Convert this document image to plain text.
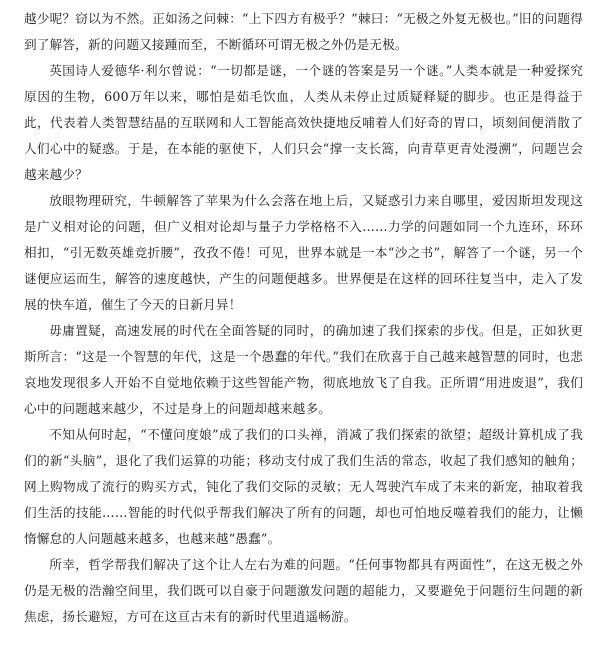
越少呢？窃以为不然。正如汤之问棘：“上下四方有极乎？”棘曰：“无极之外复无极也。”旧的问题得到了解答，新的问题又接踵而至，不断循环可谓无极之外仍是无极。

英国诗人爱德华·利尔曾说：“一切都是谜，一个谜的答案是另一个谜。”人类本就是一种爱探究原因的生物，600万年以来，哪怕是茹毛饮血，人类从未停止过质疑释疑的脚步。也正是得益于此，代表着人类智慧结晶的互联网和人工智能高效快捷地反哺着人们好奇的胃口，顷刻间便消散了人们心中的疑惑。于是，在本能的驱使下，人们只会“撑一支长篙，向青草更青处漫溯”，问题岂会越来越少？

放眼物理研究，牛顿解答了苹果为什么会落在地上后，又疑惑引力来自哪里，爱因斯坦发现这是广义相对论的问题，但广义相对论却与量子力学格格不入……力学的问题如同一个九连环，环环相扣，“引无数英雄竞折腰”，孜孜不倦！可见，世界本就是一本“沙之书”，解答了一个谜，另一个谜便应运而生，解答的速度越快，产生的问题便越多。世界便是在这样的回环往复当中，走入了发展的快车道，催生了今天的日新月异！

毋庸置疑，高速发展的时代在全面答疑的同时，的确加速了我们探索的步伐。但是，正如狄更斯所言：“这是一个智慧的年代，这是一个愚蠢的年代。”我们在欣喜于自己越来越智慧的同时，也悲哀地发现很多人开始不自觉地依赖于这些智能产物，彻底地放飞了自我。正所谓“用进废退”，我们心中的问题越来越少，不过是身上的问题却越来越多。

不知从何时起，“不懂问度娘”成了我们的口头禅，消减了我们探索的欲望；超级计算机成了我们的新“头脑”，退化了我们运算的功能；移动支付成了我们生活的常态，收起了我们感知的触角；网上购物成了流行的购买方式，钝化了我们交际的灵敏；无人驾驶汽车成了未来的新宠，抽取着我们生活的技能……智能的时代似乎帮我们解决了所有的问题，却也可怕地反噬着我们的能力，让懒惰懈怠的人问题越来越多，也越来越“愚蠢”。

所幸，哲学帮我们解决了这个让人左右为难的问题。“任何事物都具有两面性”，在这无极之外仍是无极的浩瀚空间里，我们既可以自豪于问题激发问题的超能力，又要避免于问题衍生问题的新焦虑，扬长避短，方可在这亘古未有的新时代里逍遥畅游。
